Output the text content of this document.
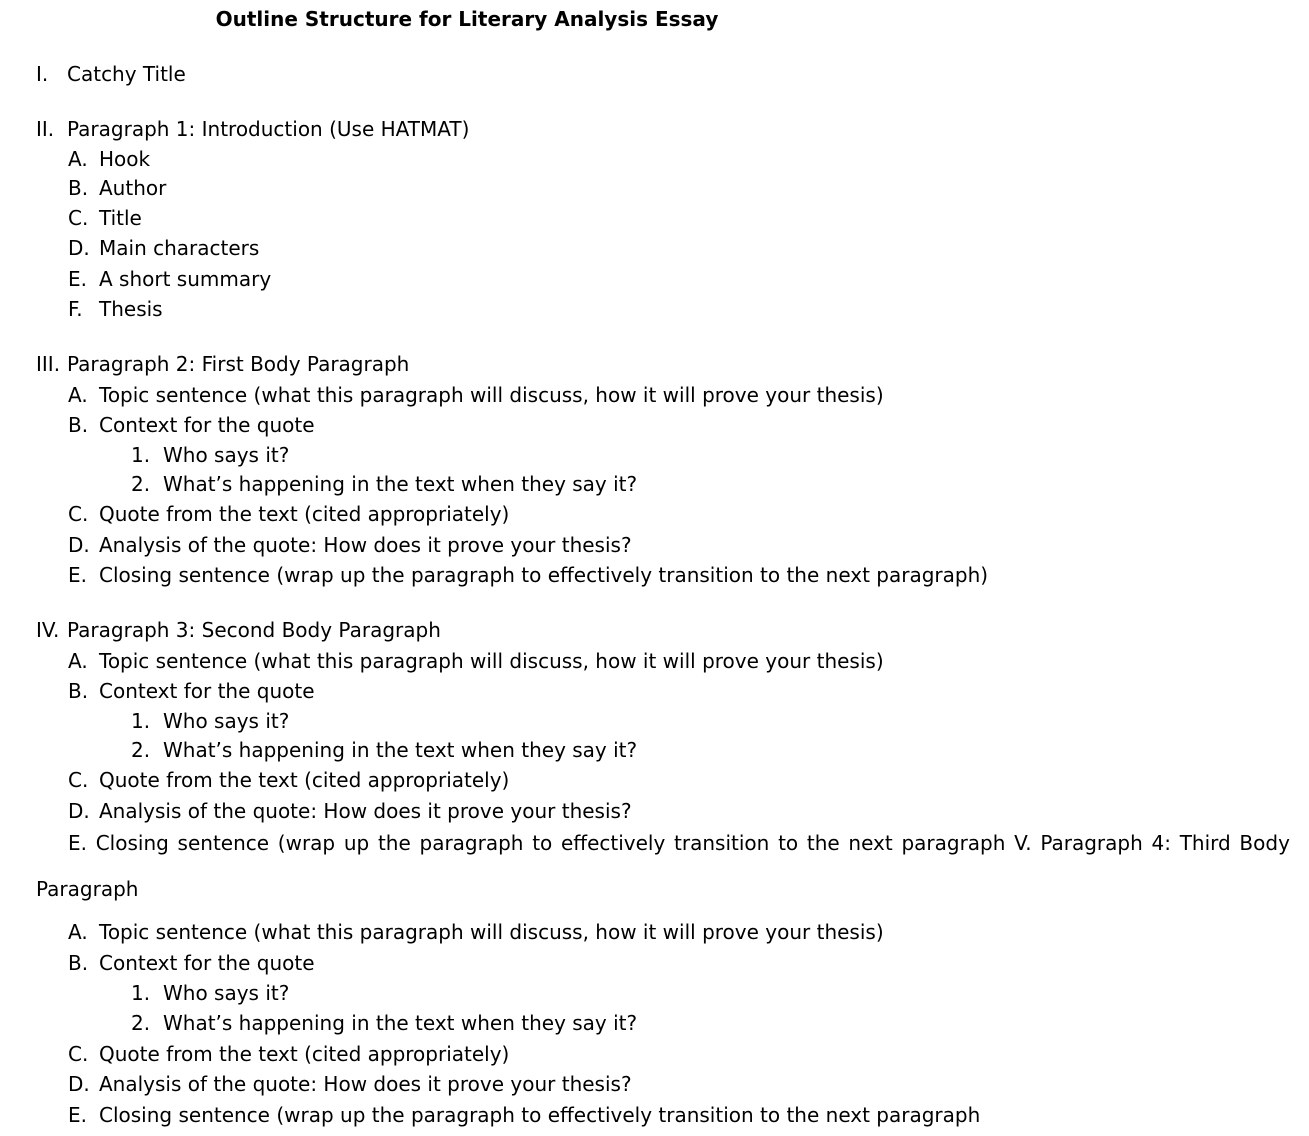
Outline Structure for Literary Analysis Essay
I. Catchy Title
II. Paragraph 1: Introduction (Use HATMAT)
A. Hook
B. Author
C. Title
D. Main characters
E. A short summary
F. Thesis
III. Paragraph 2: First Body Paragraph
A. Topic sentence (what this paragraph will discuss, how it will prove your thesis)
B. Context for the quote
1. Who says it?
2. What’s happening in the text when they say it?
C. Quote from the text (cited appropriately)
D. Analysis of the quote: How does it prove your thesis?
E. Closing sentence (wrap up the paragraph to effectively transition to the next paragraph)
IV. Paragraph 3: Second Body Paragraph
A. Topic sentence (what this paragraph will discuss, how it will prove your thesis)
B. Context for the quote
1. Who says it?
2. What’s happening in the text when they say it?
C. Quote from the text (cited appropriately)
D. Analysis of the quote: How does it prove your thesis?
E. Closing sentence (wrap up the paragraph to effectively transition to the next paragraph V. Paragraph 4: Third Body
Paragraph
A. Topic sentence (what this paragraph will discuss, how it will prove your thesis)
B. Context for the quote
1. Who says it?
2. What’s happening in the text when they say it?
C. Quote from the text (cited appropriately)
D. Analysis of the quote: How does it prove your thesis?
E. Closing sentence (wrap up the paragraph to effectively transition to the next paragraph
